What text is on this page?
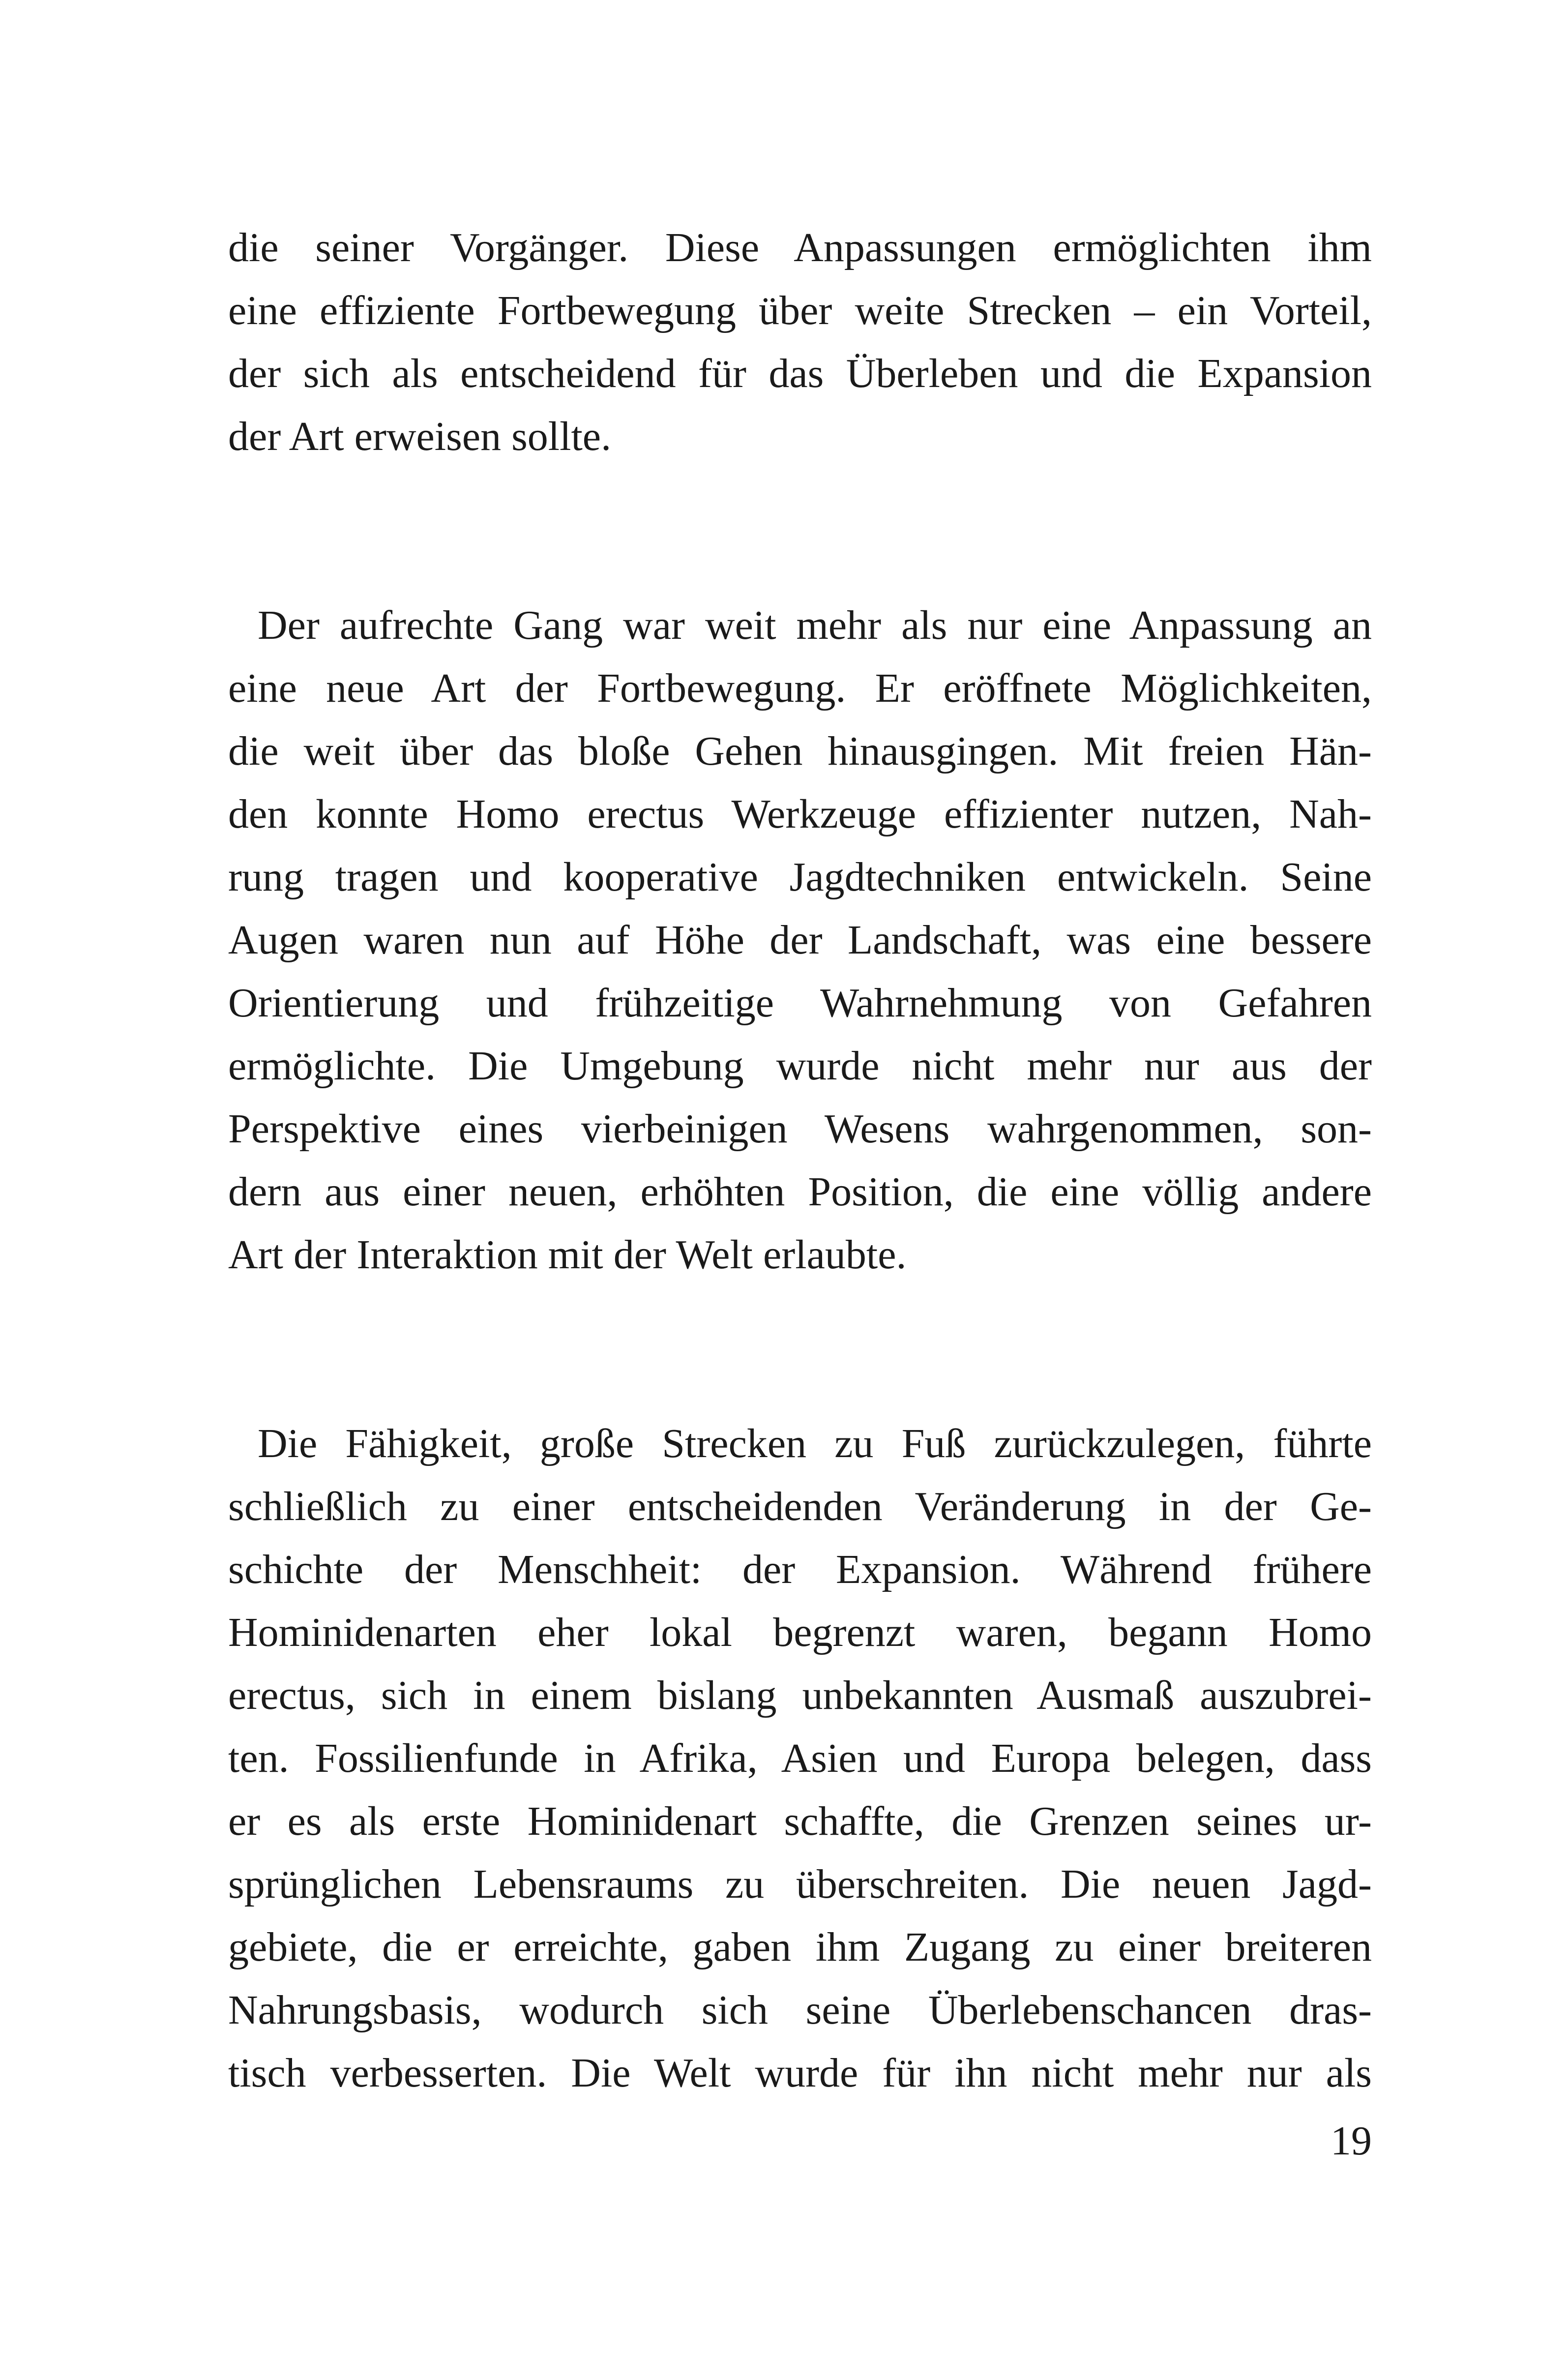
die seiner Vorgänger. Diese Anpassungen ermöglichten ihm
eine effiziente Fortbewegung über weite Strecken – ein Vorteil,
der sich als entscheidend für das Überleben und die Expansion
der Art erweisen sollte.

Der aufrechte Gang war weit mehr als nur eine Anpassung an
eine neue Art der Fortbewegung. Er eröffnete Möglichkeiten,
die weit über das bloße Gehen hinausgingen. Mit freien Hän-
den konnte Homo erectus Werkzeuge effizienter nutzen, Nah-
rung tragen und kooperative Jagdtechniken entwickeln. Seine
Augen waren nun auf Höhe der Landschaft, was eine bessere
Orientierung und frühzeitige Wahrnehmung von Gefahren
ermöglichte. Die Umgebung wurde nicht mehr nur aus der
Perspektive eines vierbeinigen Wesens wahrgenommen, son-
dern aus einer neuen, erhöhten Position, die eine völlig andere
Art der Interaktion mit der Welt erlaubte.

Die Fähigkeit, große Strecken zu Fuß zurückzulegen, führte
schließlich zu einer entscheidenden Veränderung in der Ge-
schichte der Menschheit: der Expansion. Während frühere
Hominidenarten eher lokal begrenzt waren, begann Homo
erectus, sich in einem bislang unbekannten Ausmaß auszubrei-
ten. Fossilienfunde in Afrika, Asien und Europa belegen, dass
er es als erste Hominidenart schaffte, die Grenzen seines ur-
sprünglichen Lebensraums zu überschreiten. Die neuen Jagd-
gebiete, die er erreichte, gaben ihm Zugang zu einer breiteren
Nahrungsbasis, wodurch sich seine Überlebenschancen dras-
tisch verbesserten. Die Welt wurde für ihn nicht mehr nur als

19
